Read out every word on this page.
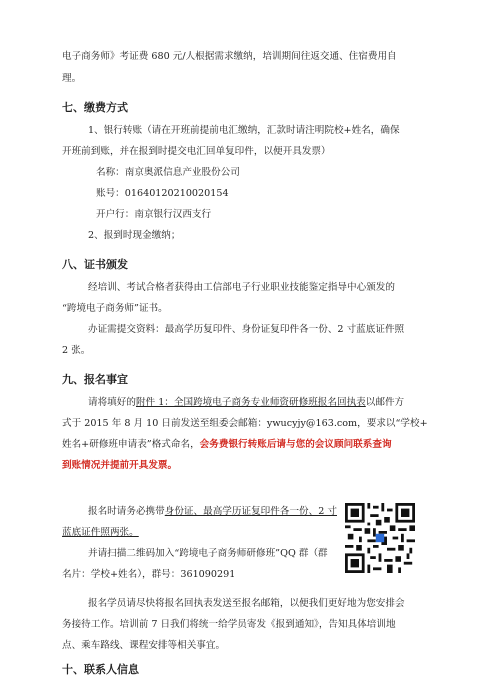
电子商务师》考证费 680 元/人根据需求缴纳，培训期间往返交通、住宿费用自
理。
七、缴费方式
1、银行转账（请在开班前提前电汇缴纳，汇款时请注明院校+姓名，确保
开班前到账，并在报到时提交电汇回单复印件，以便开具发票）
名称：南京奥派信息产业股份公司
账号：01640120210020154
开户行：南京银行汉西支行
2、报到时现金缴纳；
八、证书颁发
经培训、考试合格者获得由工信部电子行业职业技能鉴定指导中心颁发的
“跨境电子商务师”证书。
办证需提交资料：最高学历复印件、身份证复印件各一份、2 寸蓝底证件照
2 张。
九、报名事宜
请将填好的附件 1：全国跨境电子商务专业师资研修班报名回执表以邮件方
式于 2015 年 8 月 10 日前发送至组委会邮箱：ywucyjy@163.com，要求以“学校+
姓名+研修班申请表”格式命名，会务费银行转账后请与您的会议顾问联系查询
到账情况并提前开具发票。
报名时请务必携带身份证、最高学历证复印件各一份、2 寸
蓝底证件照两张。
并请扫描二维码加入“跨境电子商务师研修班”QQ 群（群
名片：学校+姓名），群号：361090291
报名学员请尽快将报名回执表发送至报名邮箱，以便我们更好地为您安排会
务接待工作。培训前 7 日我们将统一给学员寄发《报到通知》，告知具体培训地
点、乘车路线、课程安排等相关事宜。
十、联系人信息
